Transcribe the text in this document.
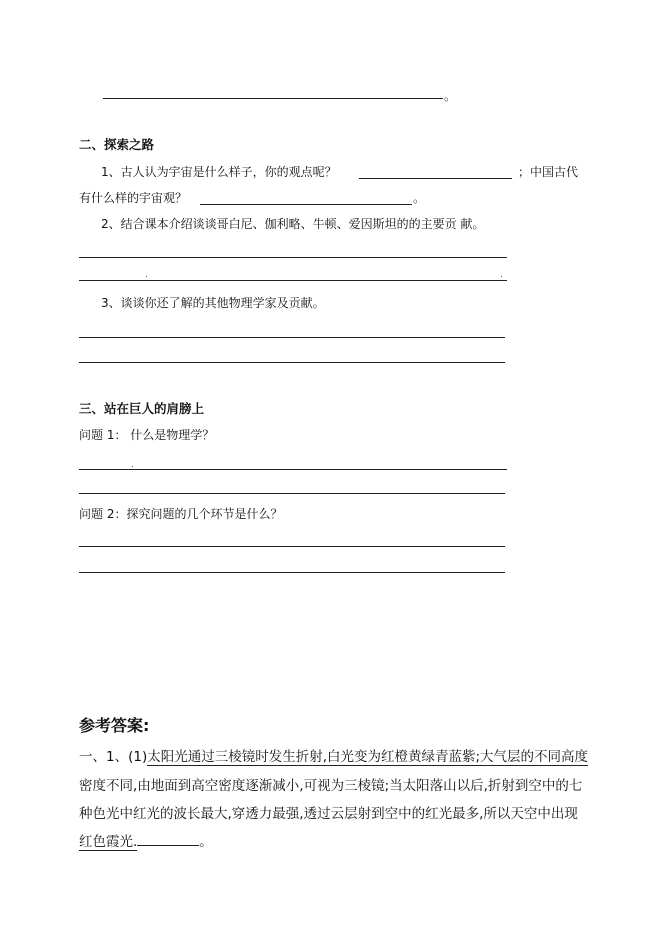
。
二、探索之路
1、古人认为宇宙是什么样子，你的观点呢？	；中国古代
有什么样的宇宙观？	。
2、结合课本介绍谈谈哥白尼、伽利略、牛顿、爱因斯坦的的主要贡 献。
3、谈谈你还了解的其他物理学家及贡献。
三、站在巨人的肩膀上
问题 1： 什么是物理学？
问题 2：探究问题的几个环节是什么？
参考答案:
一、1、(1)太阳光通过三棱镜时发生折射,白光变为红橙黄绿青蓝紫;大气层的不同高度
密度不同,由地面到高空密度逐渐减小,可视为三棱镜;当太阳落山以后,折射到空中的七
种色光中红光的波长最大,穿透力最强,透过云层射到空中的红光最多,所以天空中出现
红色霞光.	。
